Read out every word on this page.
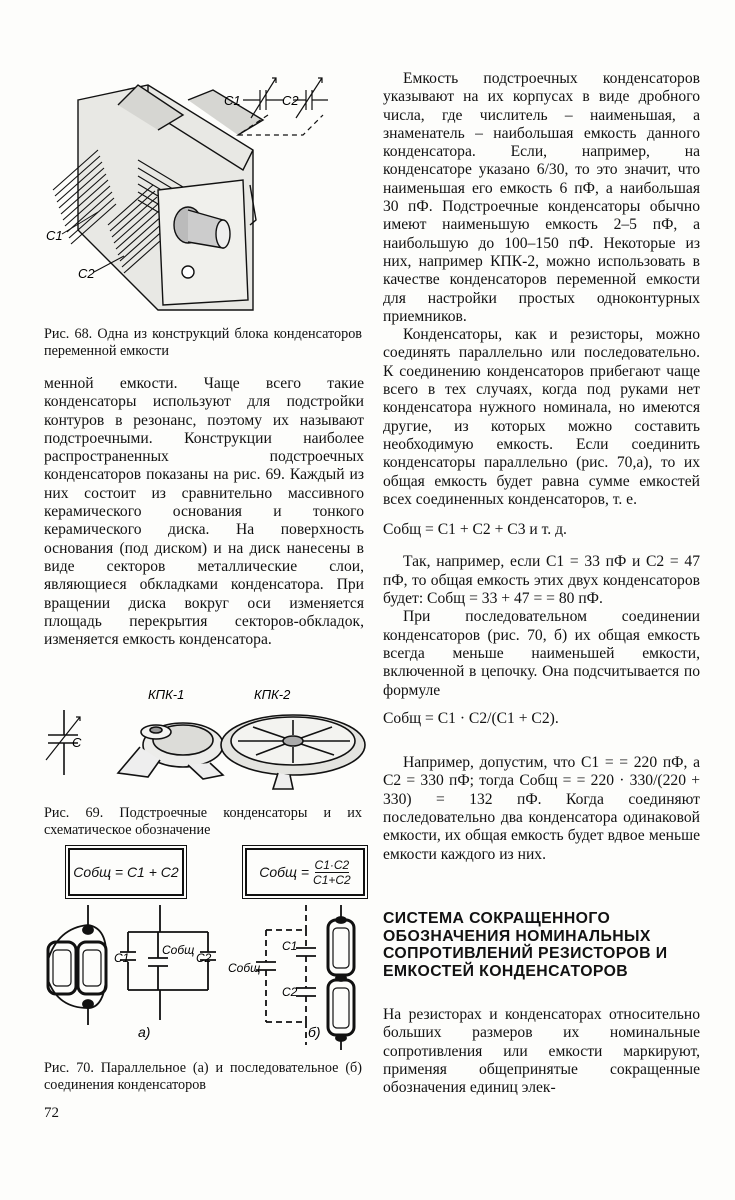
C1	C2
C1
C2
Рис. 68. Одна из конструкций блока конденсаторов переменной емкости

менной емкости. Чаще всего такие конденсаторы используют для подстройки контуров в резонанс, поэтому их называют подстроечными. Конструкции наиболее распространенных подстроечных конденсаторов показаны на рис. 69. Каждый из них состоит из сравнительно массивного керамического основания и тонкого керамического диска. На поверхность основания (под диском) и на диск нанесены в виде секторов металлические слои, являющиеся обкладками конденсатора. При вращении диска вокруг оси изменяется площадь перекрытия секторов-обкладок, изменяется емкость конденсатора.

C
КПК-1	КПК-2
Рис. 69. Подстроечные конденсаторы и их схематическое обозначение
Cобщ = C1 + C2	Cобщ = $\frac{C1\cdot C2}{C1+C2}$
C1
Cобщ
C2
C1
Cобщ
C2
а)	б)
Рис. 70. Параллельное (а) и последовательное (б) соединения конденсаторов
72

Емкость подстроечных конденсаторов указывают на их корпусах в виде дробного числа, где числитель – наименьшая, а знаменатель – наибольшая емкость данного конденсатора. Если, например, на конденсаторе указано 6/30, то это значит, что наименьшая его емкость 6 пФ, а наибольшая 30 пФ. Подстроечные конденсаторы обычно имеют наименьшую емкость 2–5 пФ, а наибольшую до 100–150 пФ. Некоторые из них, например КПК-2, можно использовать в качестве конденсаторов переменной емкости для настройки простых одноконтурных приемников.

Конденсаторы, как и резисторы, можно соединять параллельно или последовательно. К соединению конденсаторов прибегают чаще всего в тех случаях, когда под руками нет конденсатора нужного номинала, но имеются другие, из которых можно составить необходимую емкость. Если соединить конденсаторы параллельно (рис. 70,а), то их общая емкость будет равна сумме емкостей всех соединенных конденсаторов, т. е.

Cобщ = C1 + C2 + C3 и т. д.

Так, например, если C1 = 33 пФ и C2 = 47 пФ, то общая емкость этих двух конденсаторов будет: Cобщ = 33 + 47 = = 80 пФ.

При последовательном соединении конденсаторов (рис. 70, б) их общая емкость всегда меньше наименьшей емкости, включенной в цепочку. Она подсчитывается по формуле

Cобщ = C1 · C2/(C1 + C2).

Например, допустим, что C1 = = 220 пФ, а C2 = 330 пФ; тогда Cобщ = = 220 · 330/(220 + 330) = 132 пФ. Когда соединяют последовательно два конденсатора одинаковой емкости, их общая емкость будет вдвое меньше емкости каждого из них.

СИСТЕМА СОКРАЩЕННОГО ОБОЗНАЧЕНИЯ НОМИНАЛЬНЫХ СОПРОТИВЛЕНИЙ РЕЗИСТОРОВ И ЕМКОСТЕЙ КОНДЕНСАТОРОВ

На резисторах и конденсаторах относительно больших размеров их номинальные сопротивления или емкости маркируют, применяя общепринятые сокращенные обозначения единиц элек-
